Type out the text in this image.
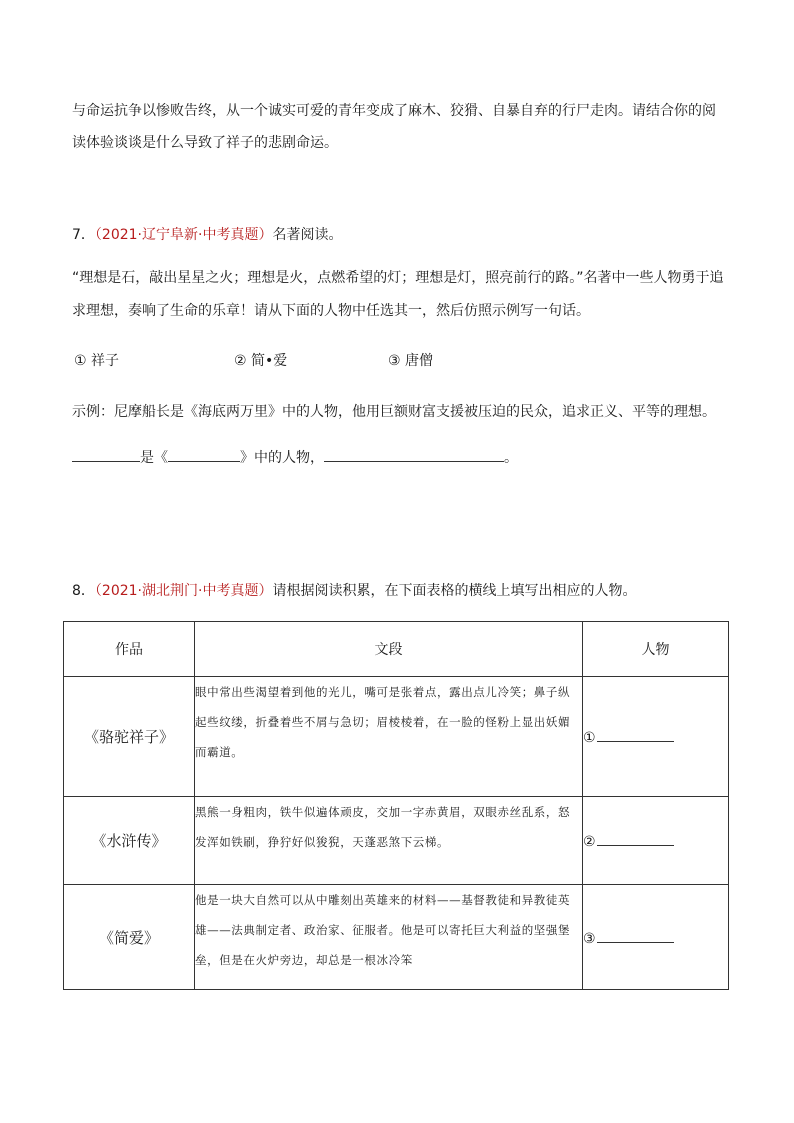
与命运抗争以惨败告终，从一个诚实可爱的青年变成了麻木、狡猾、自暴自弃的行尸走肉。请结合你的阅
读体验谈谈是什么导致了祥子的悲剧命运。
7．（2021·辽宁阜新·中考真题）名著阅读。
“理想是石，敲出星星之火；理想是火，点燃希望的灯；理想是灯，照亮前行的路。”名著中一些人物勇于追
求理想，奏响了生命的乐章！请从下面的人物中任选其一，然后仿照示例写一句话。
① 祥子	② 简•爱	③ 唐僧
示例：尼摩船长是《海底两万里》中的人物，他用巨额财富支援被压迫的民众，追求正义、平等的理想。
是《	》中的人物，	。
8．（2021·湖北荆门·中考真题）请根据阅读积累，在下面表格的横线上填写出相应的人物。
作品	文段	人物
《骆驼祥子》	眼中常出些渴望着到他的光儿，嘴可是张着点，露出点儿冷笑；鼻子纵起些纹缕，折叠着些不屑与急切；眉棱棱着，在一脸的怪粉上显出妖媚而霸道。	①
《水浒传》	黑熊一身粗肉，铁牛似遍体顽皮，交加一字赤黄眉，双眼赤丝乱系，怒发浑如铁刷，狰狞好似狻猊，天蓬恶煞下云梯。	②
《简爱》	他是一块大自然可以从中雕刻出英雄来的材料——基督教徒和异教徒英雄——法典制定者、政治家、征服者。他是可以寄托巨大利益的坚强堡垒，但是在火炉旁边，却总是一根冰冷笨	③
